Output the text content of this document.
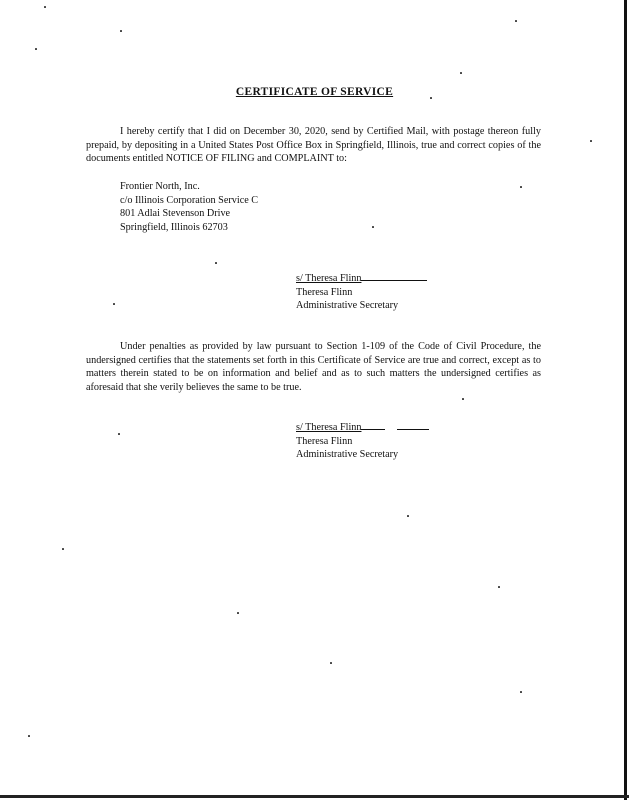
CERTIFICATE OF SERVICE
I hereby certify that I did on December 30, 2020, send by Certified Mail, with postage thereon fully prepaid, by depositing in a United States Post Office Box in Springfield, Illinois, true and correct copies of the documents entitled NOTICE OF FILING and COMPLAINT to:
Frontier North, Inc.
c/o Illinois Corporation Service C
801 Adlai Stevenson Drive
Springfield, Illinois 62703
s/ Theresa Flinn
Theresa Flinn
Administrative Secretary
Under penalties as provided by law pursuant to Section 1-109 of the Code of Civil Procedure, the undersigned certifies that the statements set forth in this Certificate of Service are true and correct, except as to matters therein stated to be on information and belief and as to such matters the undersigned certifies as aforesaid that she verily believes the same to be true.
s/ Theresa Flinn
Theresa Flinn
Administrative Secretary
